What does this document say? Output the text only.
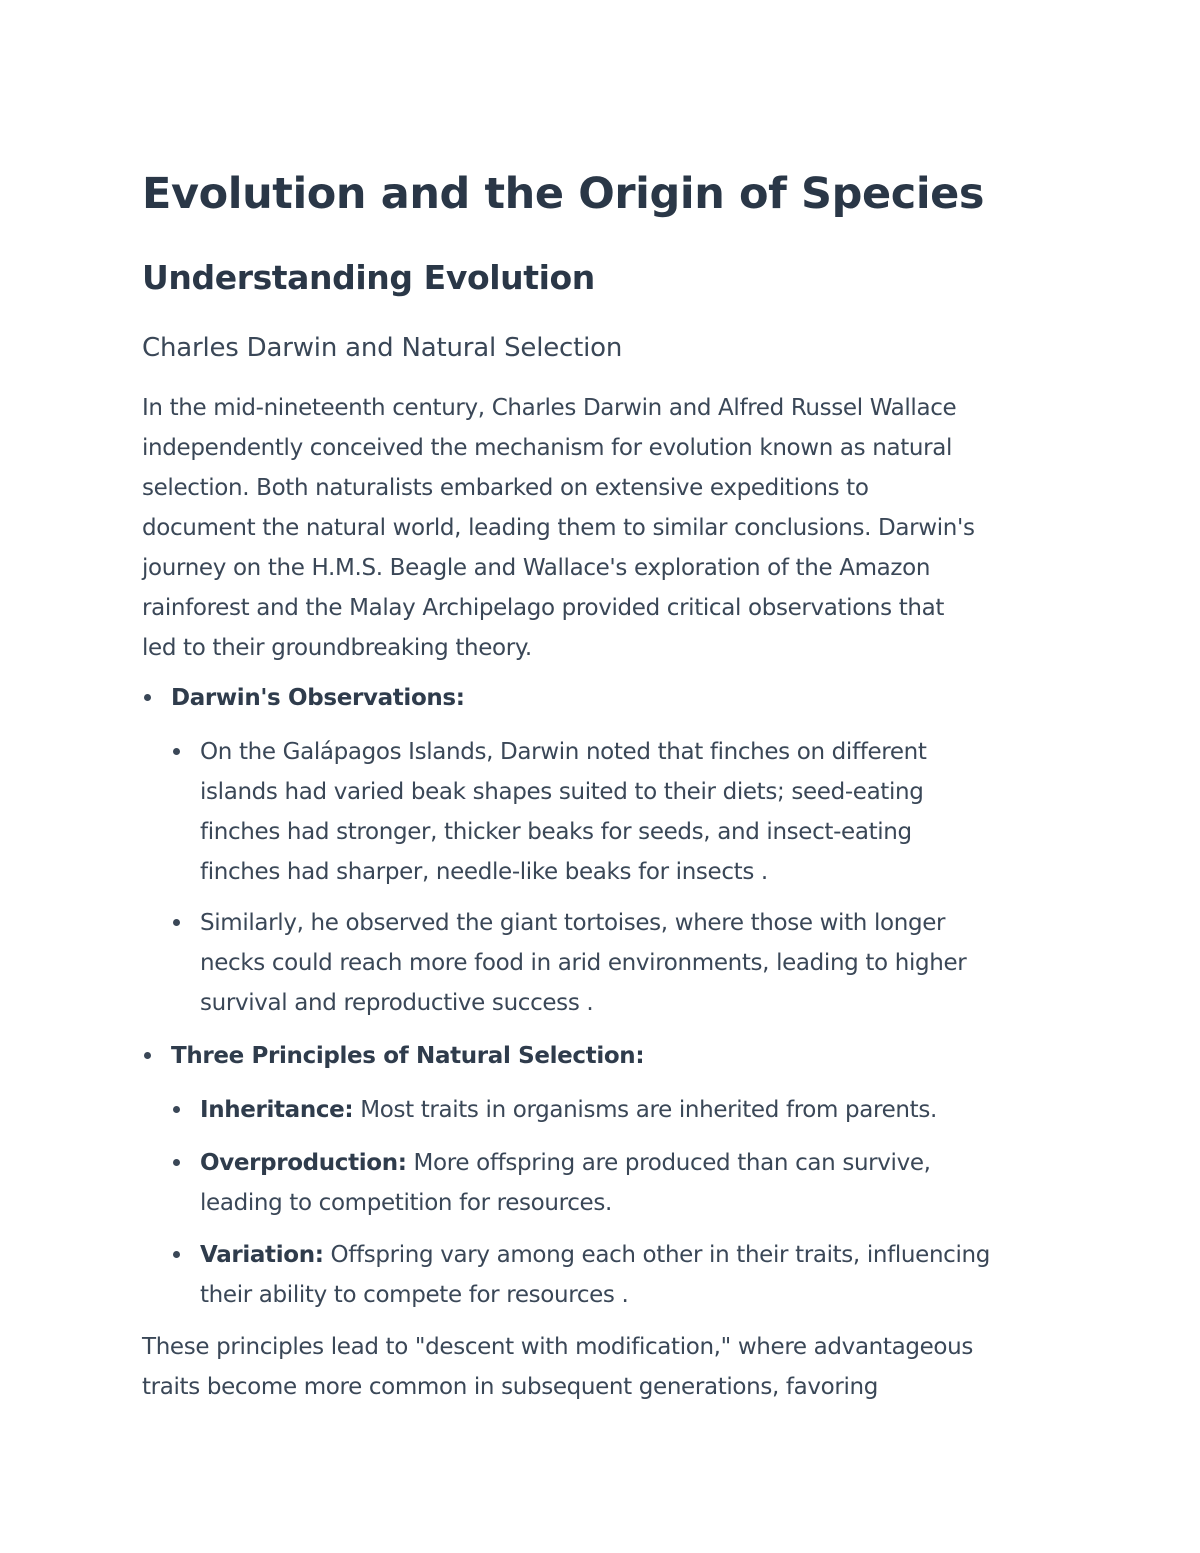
Evolution and the Origin of Species
Understanding Evolution
Charles Darwin and Natural Selection

In the mid-nineteenth century, Charles Darwin and Alfred Russel Wallace
independently conceived the mechanism for evolution known as natural
selection. Both naturalists embarked on extensive expeditions to
document the natural world, leading them to similar conclusions. Darwin's
journey on the H.M.S. Beagle and Wallace's exploration of the Amazon
rainforest and the Malay Archipelago provided critical observations that
led to their groundbreaking theory.

Darwin's Observations:

On the Galápagos Islands, Darwin noted that finches on different
islands had varied beak shapes suited to their diets; seed-eating
finches had stronger, thicker beaks for seeds, and insect-eating
finches had sharper, needle-like beaks for insects .

Similarly, he observed the giant tortoises, where those with longer
necks could reach more food in arid environments, leading to higher
survival and reproductive success .

Three Principles of Natural Selection:

Inheritance: Most traits in organisms are inherited from parents.

Overproduction: More offspring are produced than can survive,
leading to competition for resources.

Variation: Offspring vary among each other in their traits, influencing
their ability to compete for resources .

These principles lead to "descent with modification," where advantageous
traits become more common in subsequent generations, favoring
